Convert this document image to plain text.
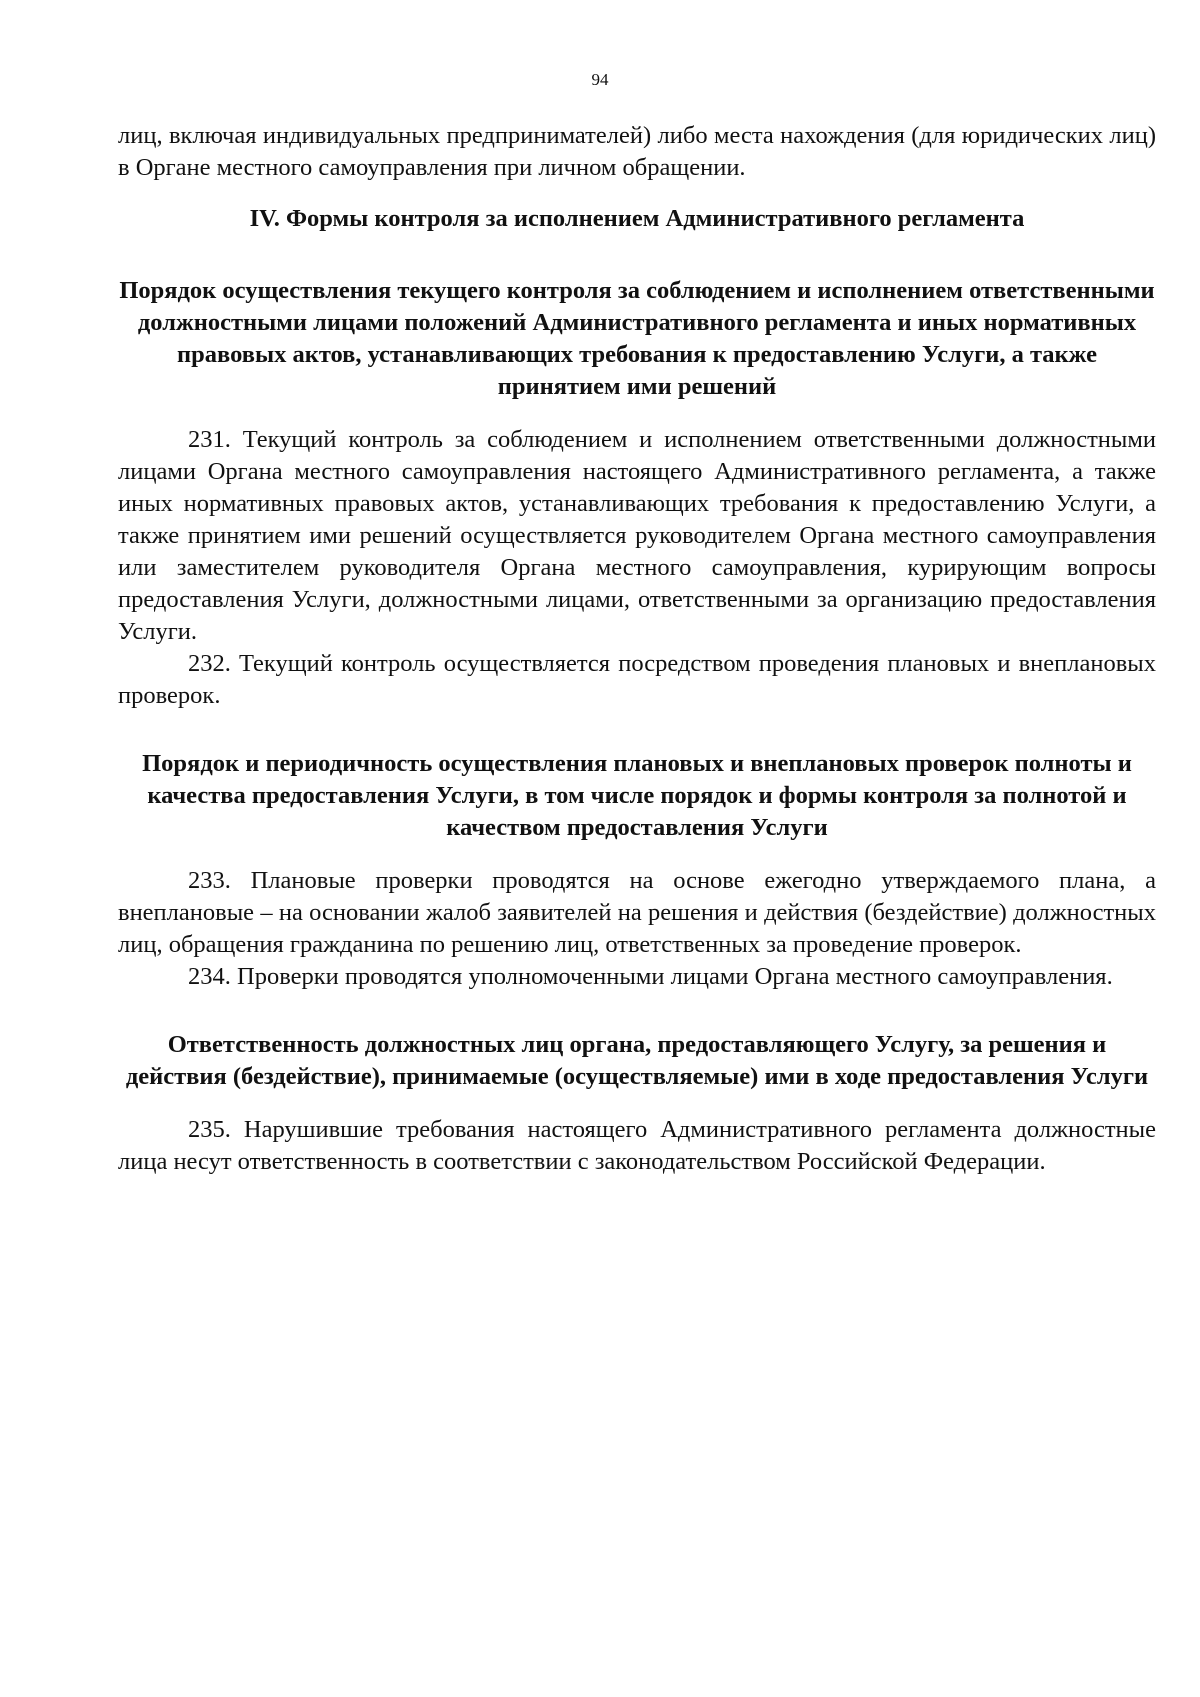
94

лиц, включая индивидуальных предпринимателей) либо места нахождения (для юридических лиц) в Органе местного самоуправления при личном обращении.

IV. Формы контроля за исполнением Административного регламента
Порядок осуществления текущего контроля за соблюдением и исполнением ответственными должностными лицами положений Административного регламента и иных нормативных правовых актов, устанавливающих требования к предоставлению Услуги, а также принятием ими решений

231. Текущий контроль за соблюдением и исполнением ответственными должностными лицами Органа местного самоуправления настоящего Административного регламента, а также иных нормативных правовых актов, устанавливающих требования к предоставлению Услуги, а также принятием ими решений осуществляется руководителем Органа местного самоуправления или заместителем руководителя Органа местного самоуправления, курирующим вопросы предоставления Услуги, должностными лицами, ответственными за организацию предоставления Услуги.

232. Текущий контроль осуществляется посредством проведения плановых и внеплановых проверок.

Порядок и периодичность осуществления плановых и внеплановых проверок полноты и качества предоставления Услуги, в том числе порядок и формы контроля за полнотой и качеством предоставления Услуги

233. Плановые проверки проводятся на основе ежегодно утверждаемого плана, а внеплановые – на основании жалоб заявителей на решения и действия (бездействие) должностных лиц, обращения гражданина по решению лиц, ответственных за проведение проверок.

234. Проверки проводятся уполномоченными лицами Органа местного самоуправления.

Ответственность должностных лиц органа, предоставляющего Услугу, за решения и действия (бездействие), принимаемые (осуществляемые) ими в ходе предоставления Услуги

235. Нарушившие требования настоящего Административного регламента должностные лица несут ответственность в соответствии с законодательством Российской Федерации.
